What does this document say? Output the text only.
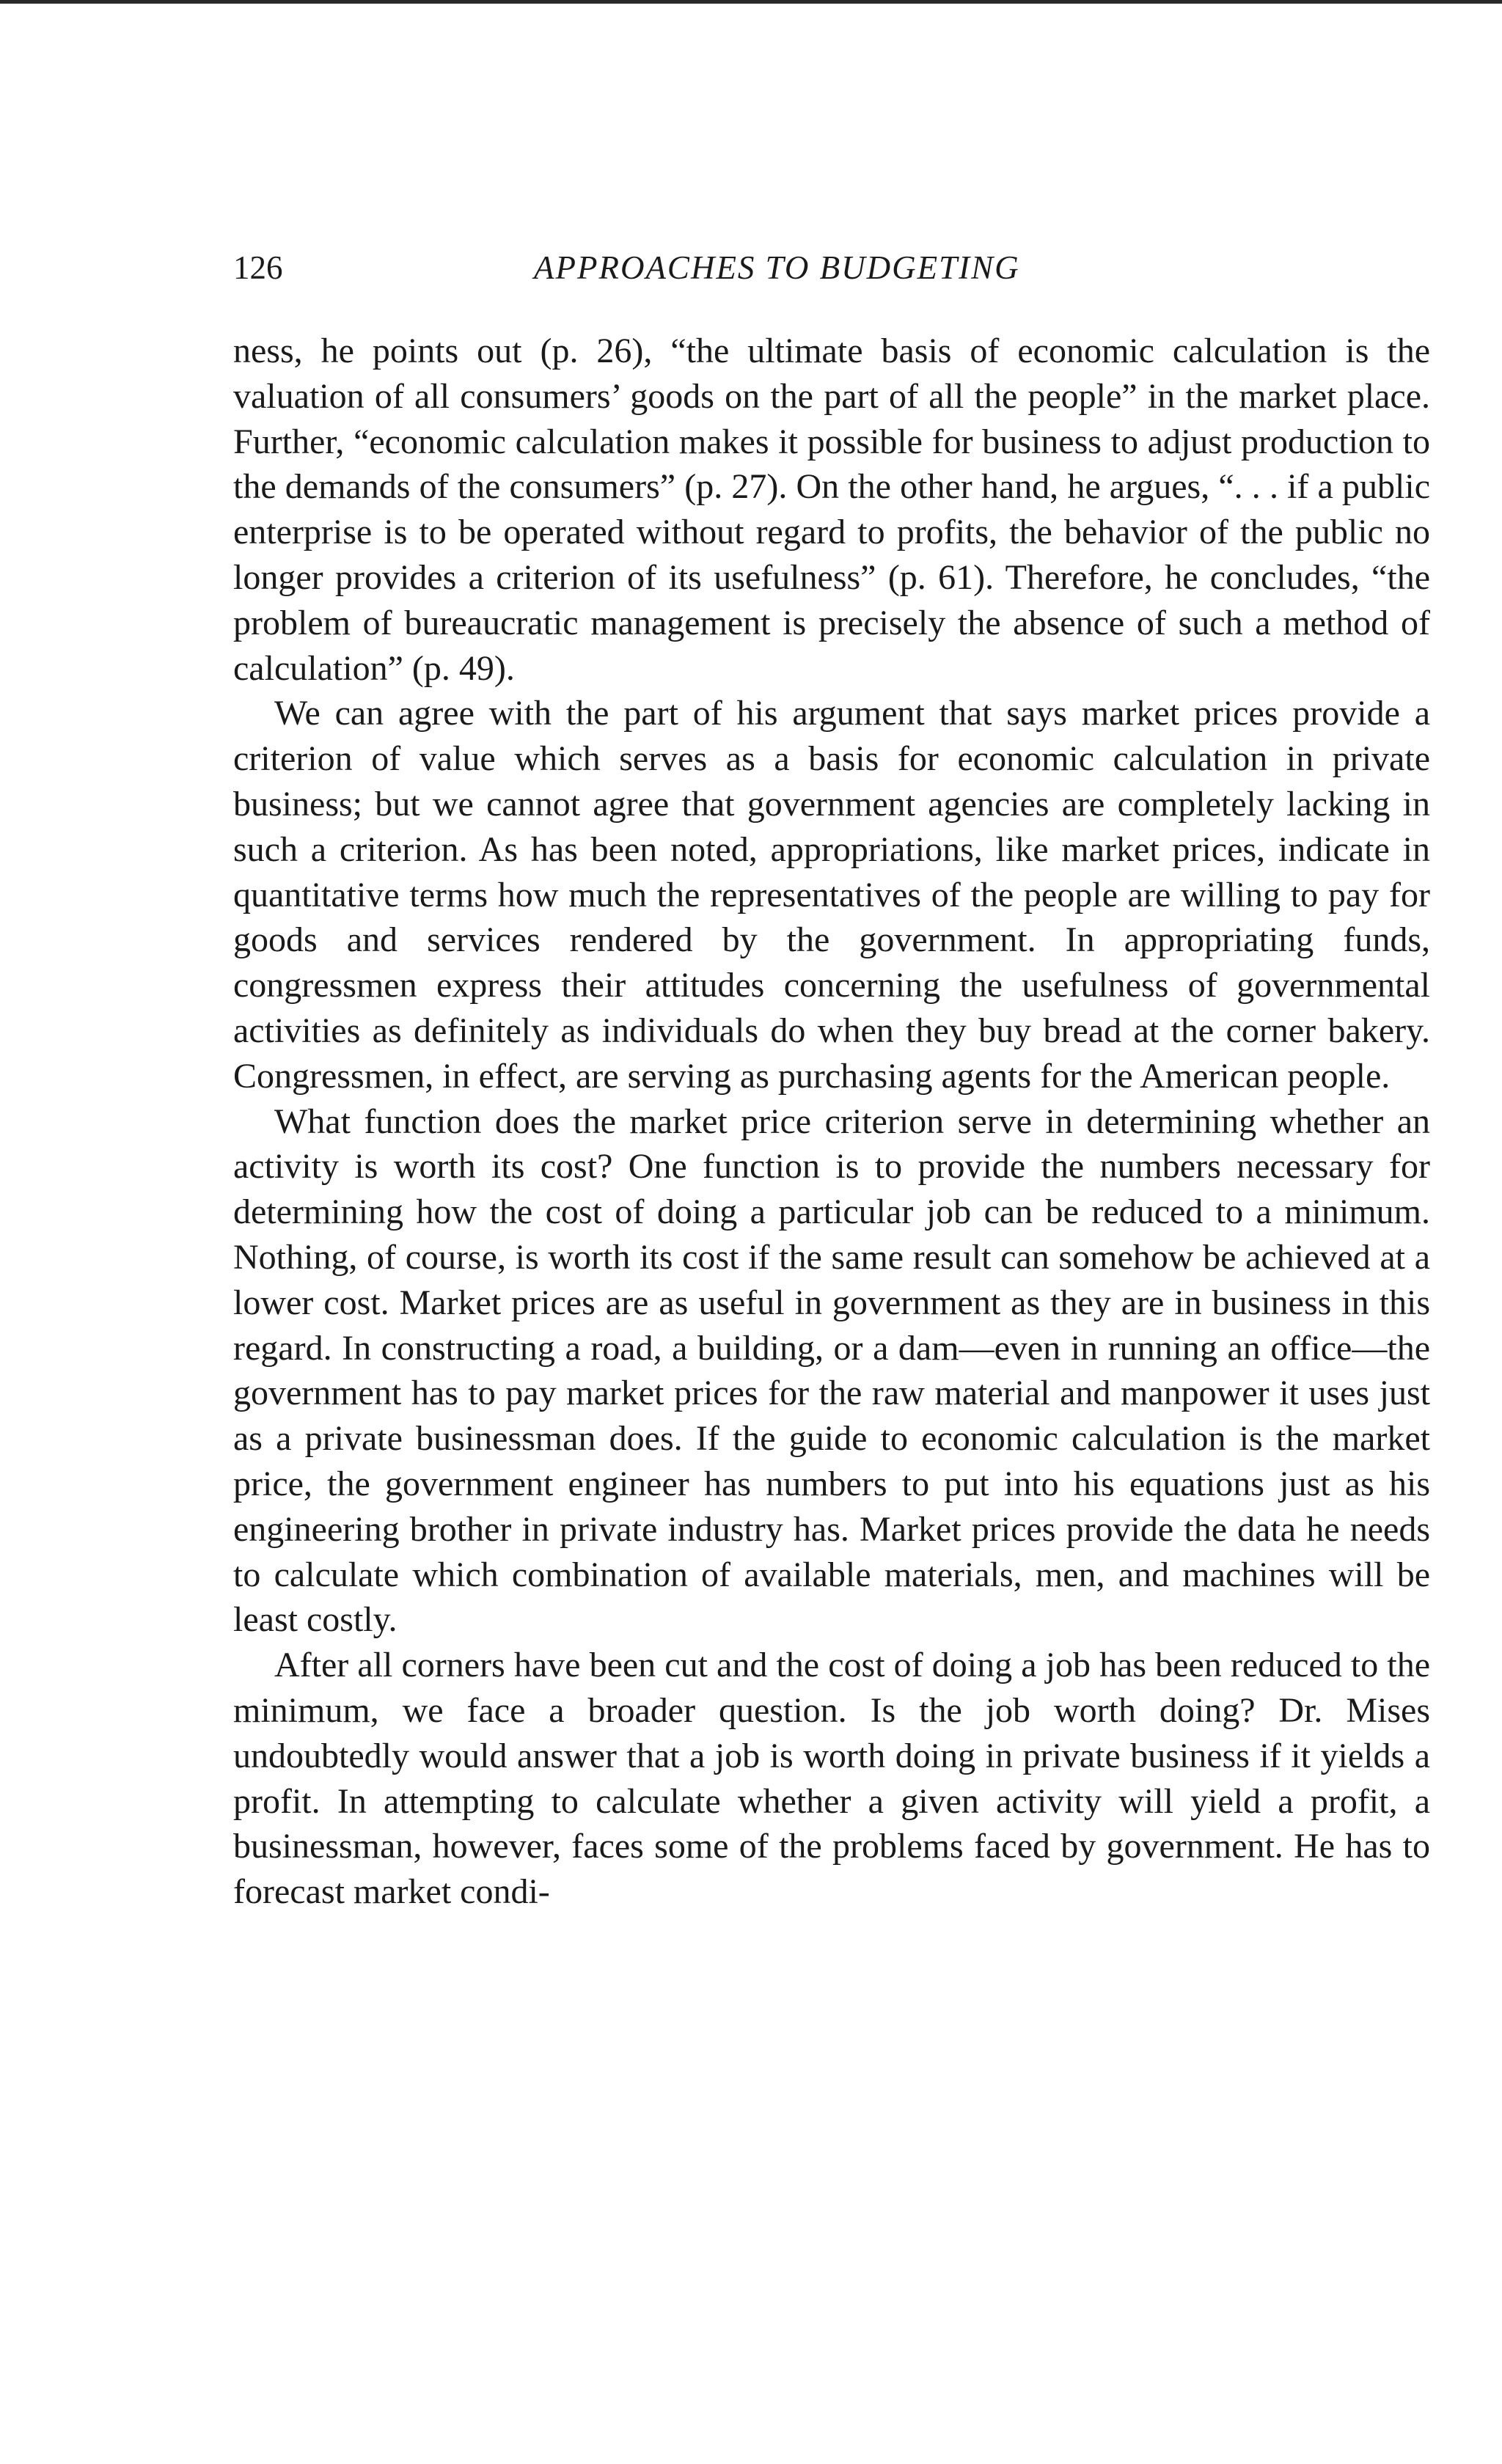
126	APPROACHES TO BUDGETING

ness, he points out (p. 26), “the ultimate basis of economic calculation is the valuation of all consumers’ goods on the part of all the people” in the market place. Further, “economic calculation makes it possible for business to adjust production to the demands of the consumers” (p. 27). On the other hand, he argues, “. . . if a public enterprise is to be operated without regard to profits, the behavior of the public no longer provides a criterion of its usefulness” (p. 61). Therefore, he concludes, “the problem of bureaucratic management is precisely the absence of such a method of calculation” (p. 49).

We can agree with the part of his argument that says market prices provide a criterion of value which serves as a basis for economic calculation in private business; but we cannot agree that government agencies are completely lacking in such a criterion. As has been noted, appropriations, like market prices, indicate in quantitative terms how much the representatives of the people are willing to pay for goods and services rendered by the government. In appropriating funds, congressmen express their attitudes concerning the usefulness of governmental activities as definitely as individuals do when they buy bread at the corner bakery. Congressmen, in effect, are serving as purchasing agents for the American people.

What function does the market price criterion serve in determining whether an activity is worth its cost? One function is to provide the numbers necessary for determining how the cost of doing a particular job can be reduced to a minimum. Nothing, of course, is worth its cost if the same result can somehow be achieved at a lower cost. Market prices are as useful in government as they are in business in this regard. In constructing a road, a building, or a dam—even in running an office—the government has to pay market prices for the raw material and manpower it uses just as a private businessman does. If the guide to economic calculation is the market price, the government engineer has numbers to put into his equations just as his engineering brother in private industry has. Market prices provide the data he needs to calculate which combination of available materials, men, and machines will be least costly.

After all corners have been cut and the cost of doing a job has been reduced to the minimum, we face a broader question. Is the job worth doing? Dr. Mises undoubtedly would answer that a job is worth doing in private business if it yields a profit. In attempting to calculate whether a given activity will yield a profit, a businessman, however, faces some of the problems faced by government. He has to forecast market condi-
